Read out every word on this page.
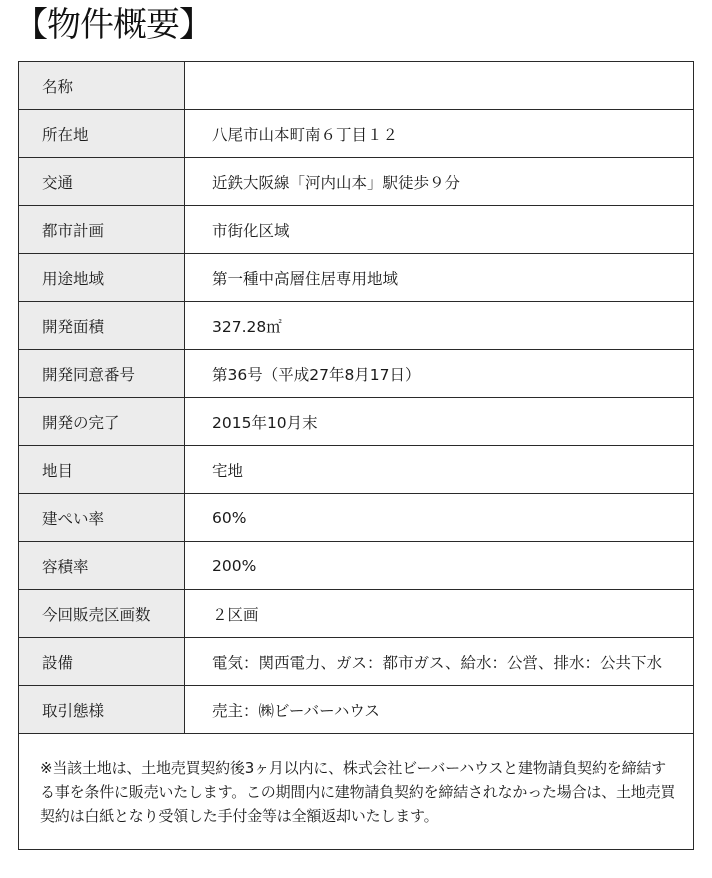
【物件概要】
名称	
所在地	八尾市山本町南６丁目１２
交通	近鉄大阪線「河内山本」駅徒歩９分
都市計画	市街化区域
用途地域	第一種中高層住居専用地域
開発面積	327.28㎡
開発同意番号	第36号（平成27年8月17日）
開発の完了	2015年10月末
地目	宅地
建ぺい率	60%
容積率	200%
今回販売区画数	２区画
設備	電気：関西電力、ガス：都市ガス、給水：公営、排水：公共下水
取引態様	売主：㈱ビーバーハウス
※当該土地は、土地売買契約後3ヶ月以内に、株式会社ビーバーハウスと建物請負契約を締結する事を条件に販売いたします。この期間内に建物請負契約を締結されなかった場合は、土地売買契約は白紙となり受領した手付金等は全額返却いたします。	
